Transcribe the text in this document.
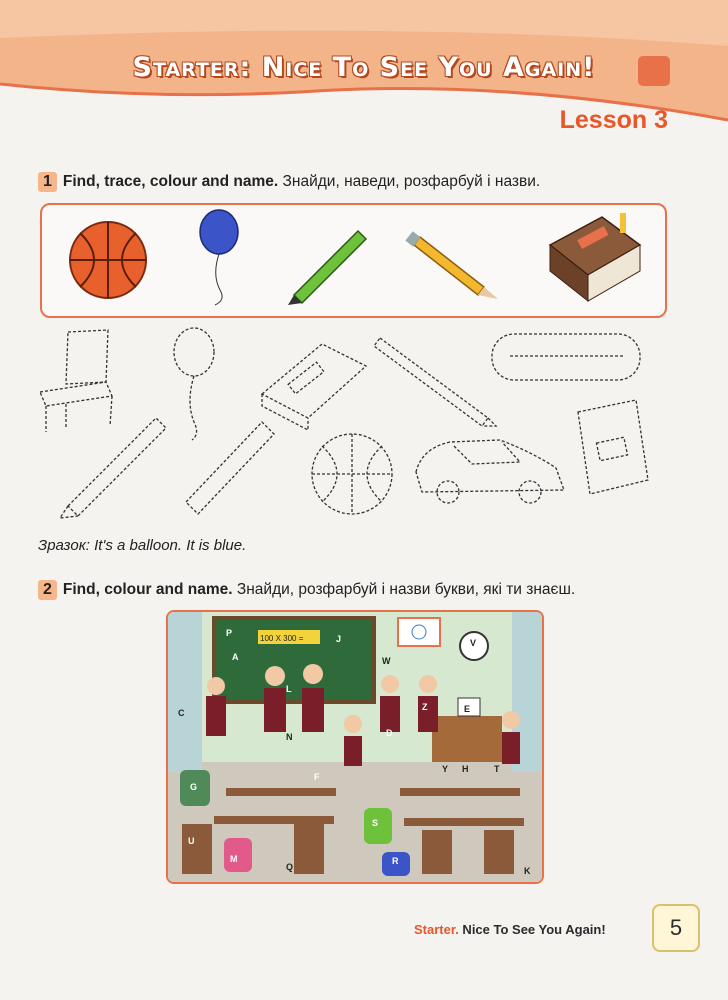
Starter: Nice To See You Again!
Lesson 3
1 Find, trace, colour and name. Знайди, наведи, розфарбуй і назви.
Зразок: It's a balloon. It is blue.
2 Find, colour and name. Знайди, розфарбуй і назви букви, які ти знаєш.
100 X 300 =
P
A
J
W
E
V
Z
D
G
S
U
M	R
K
F
N
H	T
Y
C
L
Q
Starter. Nice To See You Again!	5
